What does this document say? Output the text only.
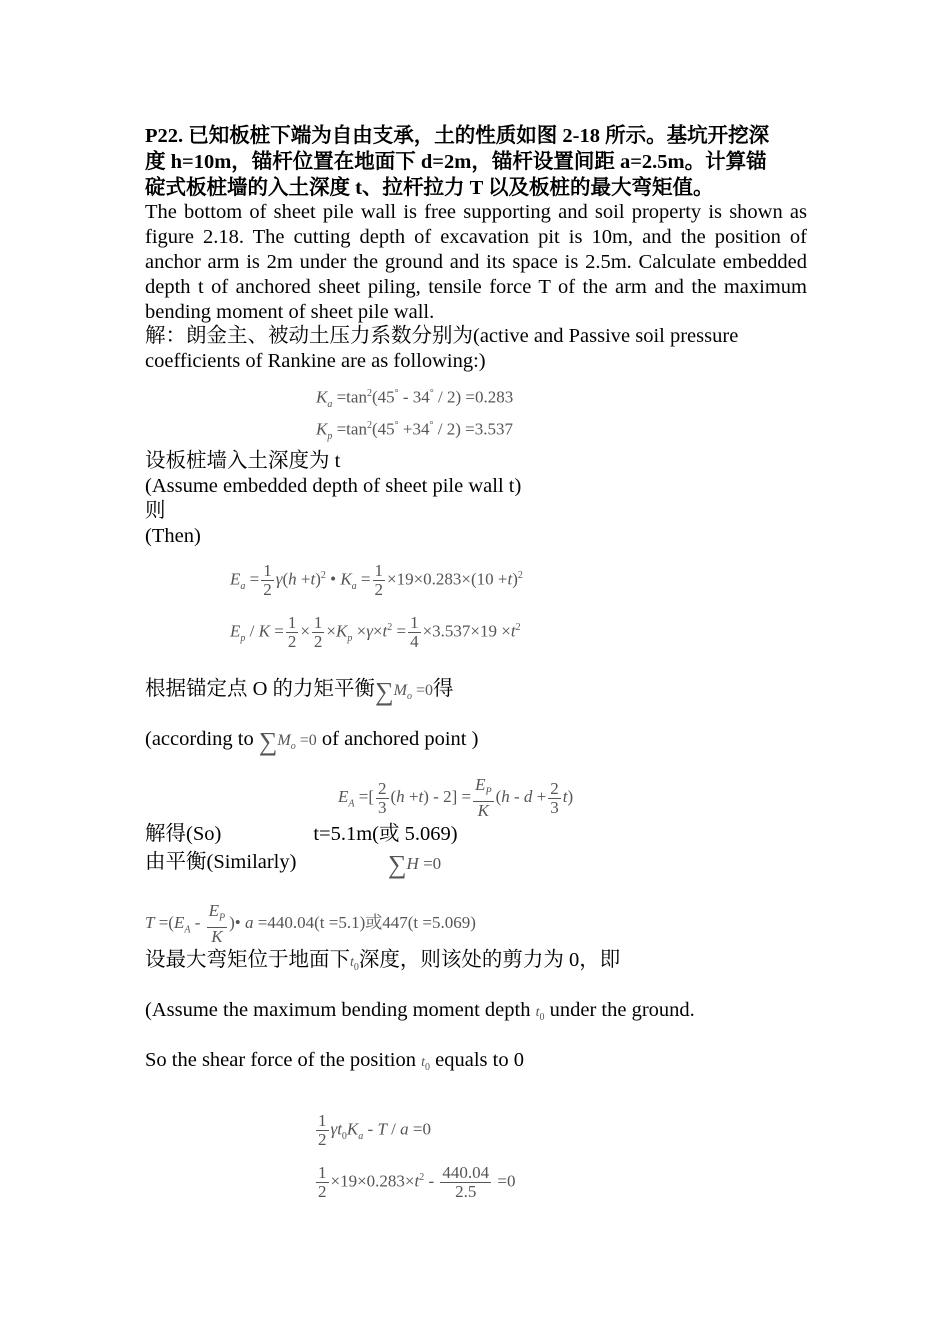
P22. 已知板桩下端为自由支承，土的性质如图 2-18 所示。基坑开挖深

度 h=10m，锚杆位置在地面下 d=2m，锚杆设置间距 a=2.5m。计算锚

碇式板桩墙的入土深度 t、拉杆拉力 T 以及板桩的最大弯矩值。

The bottom of sheet pile wall is free supporting and soil property is shown as figure 2.18. The cutting depth of excavation pit is 10m, and the position of anchor arm is 2m under the ground and its space is 2.5m. Calculate embedded depth t of anchored sheet piling, tensile force T of the arm and the maximum bending moment of sheet pile wall.

解：朗金主、被动土压力系数分别为(active and Passive soil pressure coefficients of Rankine are as following:)

$K_a =\tan^2(45^\circ - 34^\circ / 2) =0.283$
$K_p =\tan^2(45^\circ +34^\circ / 2) =3.537$

设板桩墙入土深度为 t

(Assume embedded depth of sheet pile wall t)

则

(Then)

$E_a = \frac{1}{2} \gamma(h +t)^2$ • $K_a = \frac{1}{2} \times 19\times 0.283\times(10 +t)^2$
$E_p / K = \frac{1}{2} \times \frac{1}{2} \times K_p \times\gamma\times t^2 = \frac{1}{4} \times 3.537\times 19 \times t^2$

根据锚定点 O 的力矩平衡$\sum M_o =0$得

(according to $\sum M_o =0$ of anchored point )

$E_A$ =[ $\frac{2}{3} (h +t) - 2] = \frac{E_P}{K} (h - d + \frac{2}{3} t)$

解得(So)	t=5.1m(或 5.069)

由平衡(Similarly)	∑H =0
$T =(E_A - \frac{E_P}{K}$ )• a =440.04(t =5.1)或447(t =5.069)

设最大弯矩位于地面下$t_0$深度，则该处的剪力为 0，即

(Assume the maximum bending moment depth $t_0$ under the ground.

So the shear force of the position $t_0$ equals to 0

$\frac{1}{2} \gamma t_0K_a - T / a =0$
$\frac{1}{2} \times 19\times 0.283\times t^2 - \frac{440.04}{2.5} =0$
